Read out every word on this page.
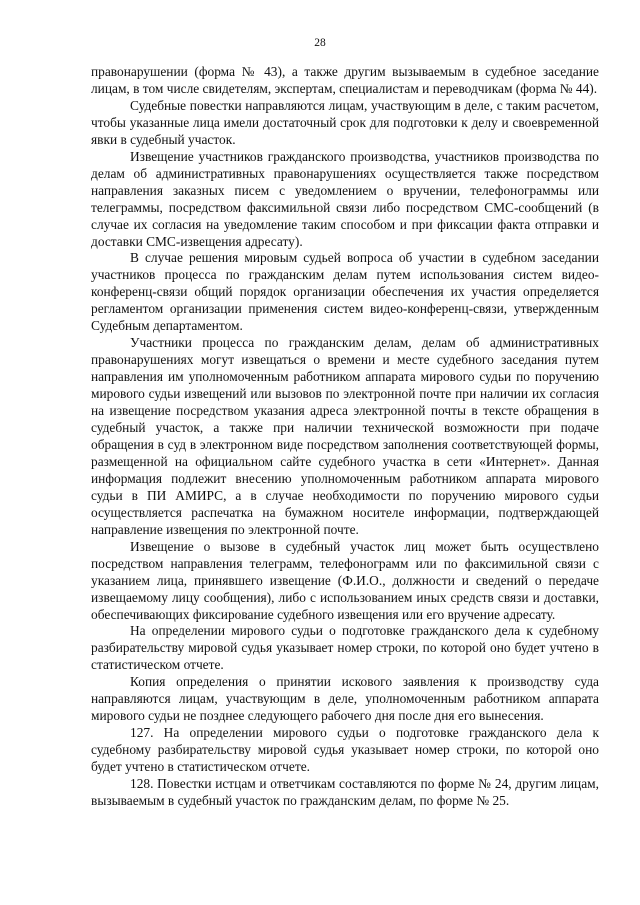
28

правонарушении (форма № 43), а также другим вызываемым в судебное заседание лицам, в том числе свидетелям, экспертам, специалистам и переводчикам (форма № 44).

Судебные повестки направляются лицам, участвующим в деле, с таким расчетом, чтобы указанные лица имели достаточный срок для подготовки к делу и своевременной явки в судебный участок.

Извещение участников гражданского производства, участников производства по делам об административных правонарушениях осуществляется также посредством направления заказных писем с уведомлением о вручении, телефонограммы или телеграммы, посредством факсимильной связи либо посредством СМС-сообщений (в случае их согласия на уведомление таким способом и при фиксации факта отправки и доставки СМС-извещения адресату).

В случае решения мировым судьей вопроса об участии в судебном заседании участников процесса по гражданским делам путем использования систем видео-конференц-связи общий порядок организации обеспечения их участия определяется регламентом организации применения систем видео-конференц-связи, утвержденным Судебным департаментом.

Участники процесса по гражданским делам, делам об административных правонарушениях могут извещаться о времени и месте судебного заседания путем направления им уполномоченным работником аппарата мирового судьи по поручению мирового судьи извещений или вызовов по электронной почте при наличии их согласия на извещение посредством указания адреса электронной почты в тексте обращения в судебный участок, а также при наличии технической возможности при подаче обращения в суд в электронном виде посредством заполнения соответствующей формы, размещенной на официальном сайте судебного участка в сети «Интернет». Данная информация подлежит внесению уполномоченным работником аппарата мирового судьи в ПИ АМИРС, а в случае необходимости по поручению мирового судьи осуществляется распечатка на бумажном носителе информации, подтверждающей направление извещения по электронной почте.

Извещение о вызове в судебный участок лиц может быть осуществлено посредством направления телеграмм, телефонограмм или по факсимильной связи с указанием лица, принявшего извещение (Ф.И.О., должности и сведений о передаче извещаемому лицу сообщения), либо с использованием иных средств связи и доставки, обеспечивающих фиксирование судебного извещения или его вручение адресату.

На определении мирового судьи о подготовке гражданского дела к судебному разбирательству мировой судья указывает номер строки, по которой оно будет учтено в статистическом отчете.

Копия определения о принятии искового заявления к производству суда направляются лицам, участвующим в деле, уполномоченным работником аппарата мирового судьи не позднее следующего рабочего дня после дня его вынесения.

127. На определении мирового судьи о подготовке гражданского дела к судебному разбирательству мировой судья указывает номер строки, по которой оно будет учтено в статистическом отчете.

128. Повестки истцам и ответчикам составляются по форме № 24, другим лицам, вызываемым в судебный участок по гражданским делам, по форме № 25.
